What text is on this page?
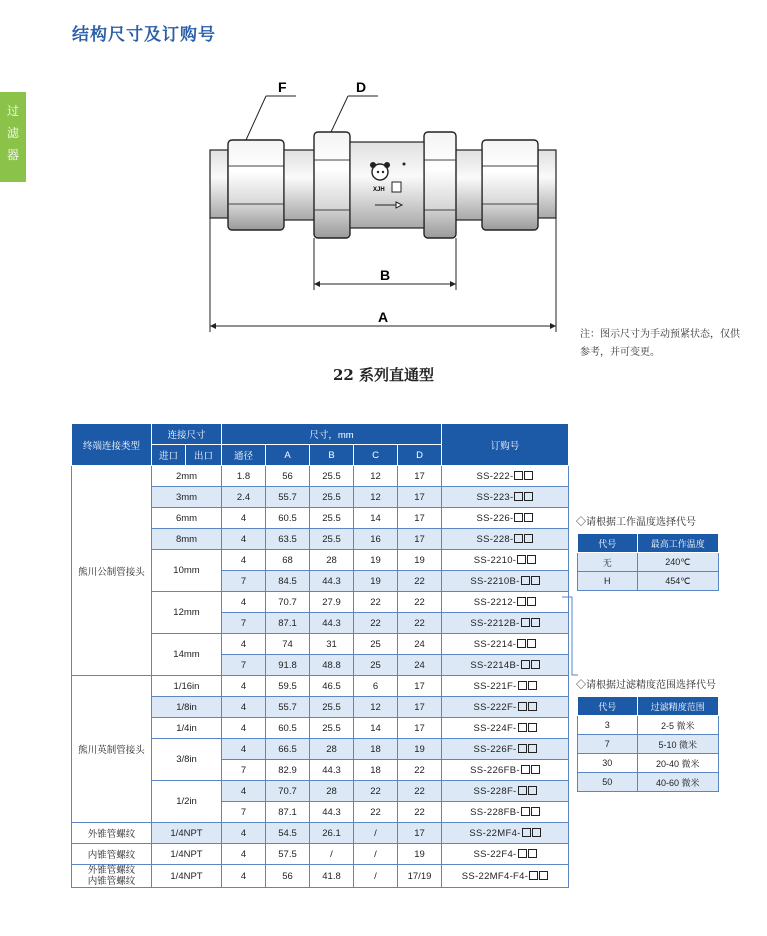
结构尺寸及订购号
过
滤
器
XJH
F	D
B
A
注：图示尺寸为手动预紧状态，仅供参考，并可变更。
22 系列直通型
终端连接类型	连接尺寸		尺寸，mm					订购号
	进口	出口	通径	A	B	C	D	
熊川公制管接头	2mm		1.8	56	25.5	12	17	SS-222-
	3mm		2.4	55.7	25.5	12	17	SS-223-
	6mm		4	60.5	25.5	14	17	SS-226-
	8mm		4	63.5	25.5	16	17	SS-228-
	10mm		4	68	28	19	19	SS-2210-
			7	84.5	44.3	19	22	SS-2210B-
	12mm		4	70.7	27.9	22	22	SS-2212-
			7	87.1	44.3	22	22	SS-2212B-
	14mm		4	74	31	25	24	SS-2214-
			7	91.8	48.8	25	24	SS-2214B-
熊川英制管接头	1/16in		4	59.5	46.5	6	17	SS-221F-
	1/8in		4	55.7	25.5	12	17	SS-222F-
	1/4in		4	60.5	25.5	14	17	SS-224F-
	3/8in		4	66.5	28	18	19	SS-226F-
			7	82.9	44.3	18	22	SS-226FB-
	1/2in		4	70.7	28	22	22	SS-228F-
			7	87.1	44.3	22	22	SS-228FB-
外锥管螺纹	1/4NPT		4	54.5	26.1	/	17	SS-22MF4-
内锥管螺纹	1/4NPT		4	57.5	/	/	19	SS-22F4-

外锥管螺纹
内锥管螺纹	1/4NPT		4	56	41.8	/	17/19	SS-22MF4-F4-
◇请根据工作温度选择代号
代号	最高工作温度
无	240℃
H	454℃
◇请根据过滤精度范围选择代号
代号	过滤精度范围
3	2-5 微米
7	5-10 微米
30	20-40 微米
50	40-60 微米
